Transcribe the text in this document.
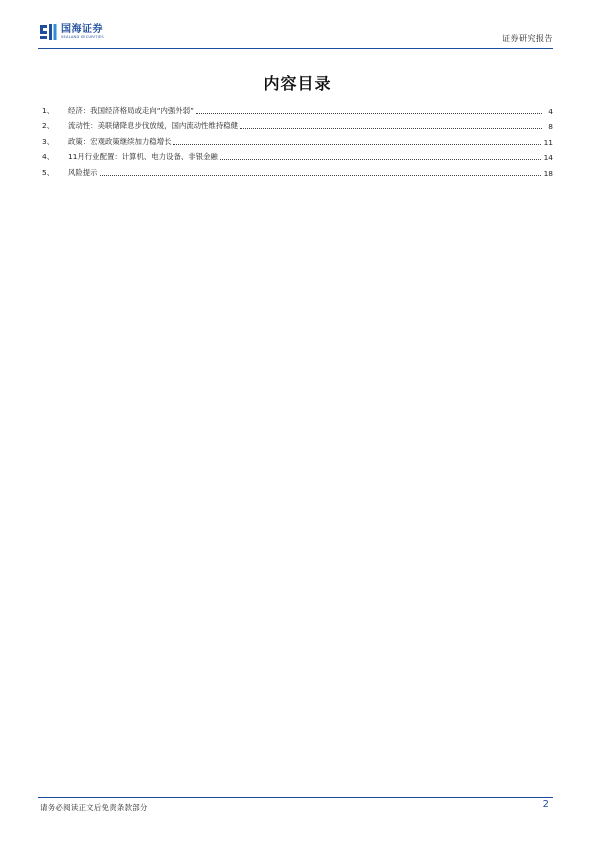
国海证券
SEALAND SECURITIES	证券研究报告
内容目录
1、	经济：我国经济格局或走向“内强外弱”	4
2、	流动性：美联储降息步伐放缓，国内流动性维持稳健	8
3、	政策：宏观政策继续加力稳增长	11
4、	11月行业配置：计算机、电力设备、非银金融	14
5、	风险提示	18
请务必阅读正文后免责条款部分	2
